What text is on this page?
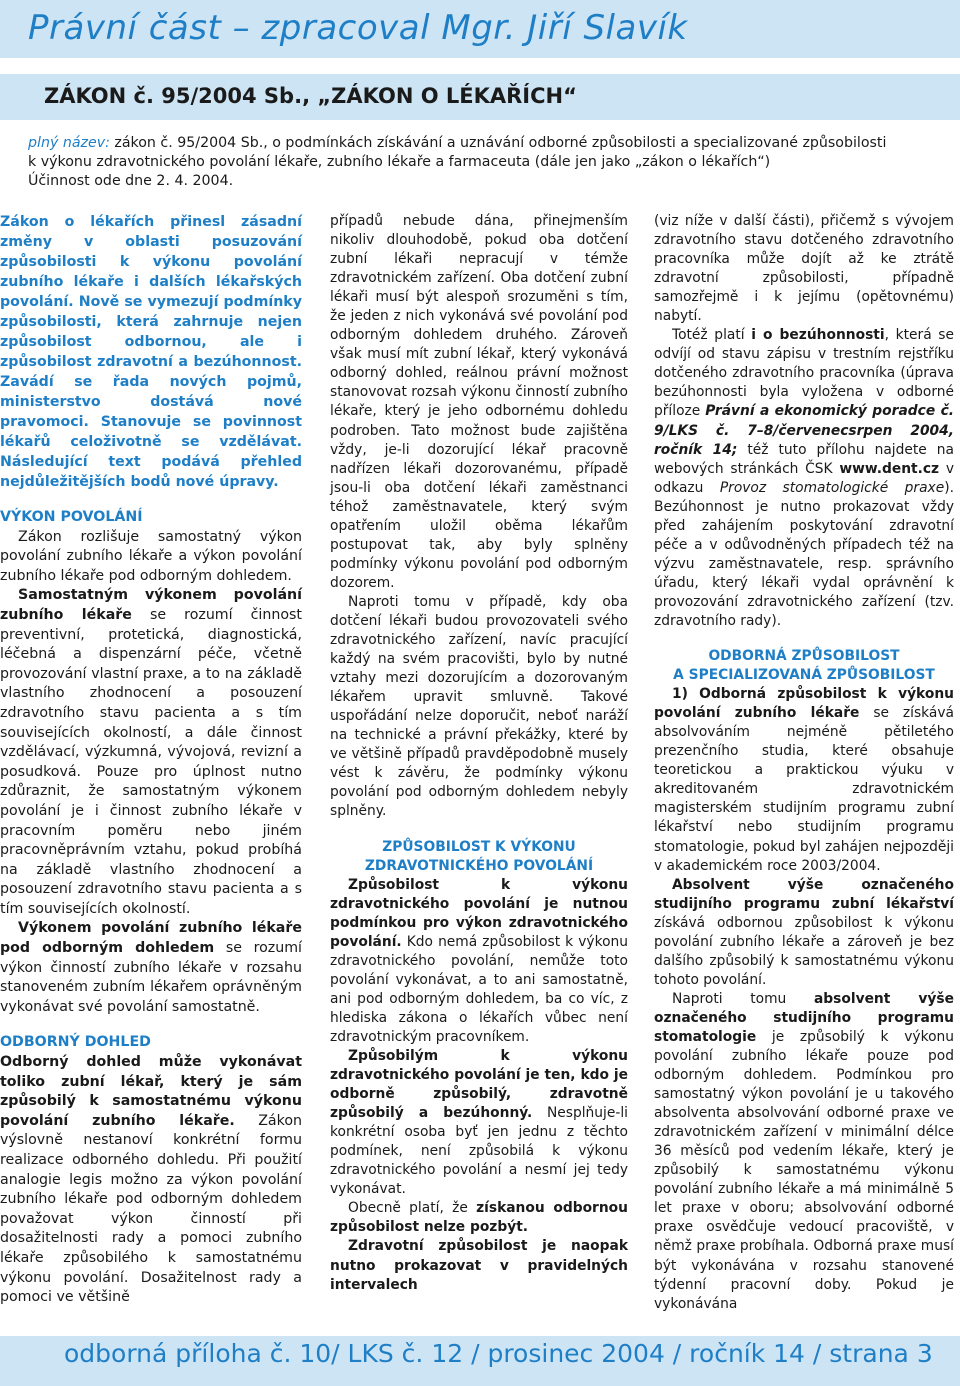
Právní část – zpracoval Mgr. Jiří Slavík
ZÁKON č. 95/2004 Sb., „ZÁKON O LÉKAŘÍCH“

plný název: zákon č. 95/2004 Sb., o podmínkách získávání a uznávání odborné způsobilosti a specializované způsobilosti

k výkonu zdravotnického povolání lékaře, zubního lékaře a farmaceuta (dále jen jako „zákon o lékařích“)

Účinnost ode dne 2. 4. 2004.

Zákon o lékařích přinesl zásadní změny v oblasti posuzování způsobilosti k výkonu povolání zubního lékaře i dalších lékařských povolání. Nově se vymezují podmínky způsobilosti, která zahrnuje nejen způsobilost odbornou, ale i způsobilost zdravotní a bezúhonnost. Zavádí se řada nových pojmů, ministerstvo dostává nové pravomoci. Stanovuje se povinnost lékařů celoživotně se vzdělávat. Následující text podává přehled nejdůležitějších bodů nové úpravy.

VÝKON POVOLÁNÍ

Zákon rozlišuje samostatný výkon povolání zubního lékaře a výkon povolání zubního lékaře pod odborným dohledem.

Samostatným výkonem povolání zubního lékaře se rozumí činnost preventivní, protetická, diagnostická, léčebná a dispenzární péče, včetně provozování vlastní praxe, a to na základě vlastního zhodnocení a posouzení zdravotního stavu pacienta a s tím souvisejících okolností, a dále činnost vzdělávací, výzkumná, vývojová, revizní a posudková. Pouze pro úplnost nutno zdůraznit, že samostatným výkonem povolání je i činnost zubního lékaře v pracovním poměru nebo jiném pracovněprávním vztahu, pokud probíhá na základě vlastního zhodnocení a posouzení zdravotního stavu pacienta a s tím souvisejících okolností.

Výkonem povolání zubního lékaře pod odborným dohledem se rozumí výkon činností zubního lékaře v rozsahu stanoveném zubním lékařem oprávněným vykonávat své povolání samostatně.

ODBORNÝ DOHLED

Odborný dohled může vykonávat toliko zubní lékař, který je sám způsobilý k samostatnému výkonu povolání zubního lékaře. Zákon výslovně nestanoví konkrétní formu realizace odborného dohledu. Při použití analogie legis možno za výkon povolání zubního lékaře pod odborným dohledem považovat výkon činností při dosažitelnosti rady a pomoci zubního lékaře způsobilého k samostatnému výkonu povolání. Dosažitelnost rady a pomoci ve většině

případů nebude dána, přinejmenším nikoliv dlouhodobě, pokud oba dotčení zubní lékaři nepracují v témže zdravotnickém zařízení. Oba dotčení zubní lékaři musí být alespoň srozuměni s tím, že jeden z nich vykonává své povolání pod odborným dohledem druhého. Zároveň však musí mít zubní lékař, který vykonává odborný dohled, reálnou právní možnost stanovovat rozsah výkonu činností zubního lékaře, který je jeho odbornému dohledu podroben. Tato možnost bude zajištěna vždy, je-li dozorující lékař pracovně nadřízen lékaři dozorovanému, případě jsou-li oba dotčení lékaři zaměstnanci téhož zaměstnavatele, který svým opatřením uložil oběma lékařům postupovat tak, aby byly splněny podmínky výkonu povolání pod odborným dozorem.

Naproti tomu v případě, kdy oba dotčení lékaři budou provozovateli svého zdravotnického zařízení, navíc pracující každý na svém pracovišti, bylo by nutné vztahy mezi dozorujícím a dozorovaným lékařem upravit smluvně. Takové uspořádání nelze doporučit, neboť naráží na technické a právní překážky, které by ve většině případů pravděpodobně musely vést k závěru, že podmínky výkonu povolání pod odborným dohledem nebyly splněny.

ZPŮSOBILOST K VÝKONU
ZDRAVOTNICKÉHO POVOLÁNÍ

Způsobilost k výkonu zdravotnického povolání je nutnou podmínkou pro výkon zdravotnického povolání. Kdo nemá způsobilost k výkonu zdravotnického povolání, nemůže toto povolání vykonávat, a to ani samostatně, ani pod odborným dohledem, ba co víc, z hlediska zákona o lékařích vůbec není zdravotnickým pracovníkem.

Způsobilým k výkonu zdravotnického povolání je ten, kdo je odborně způsobilý, zdravotně způsobilý a bezúhonný. Nesplňuje-li konkrétní osoba byť jen jednu z těchto podmínek, není způsobilá k výkonu zdravotnického povolání a nesmí jej tedy vykonávat.

Obecně platí, že získanou odbornou způsobilost nelze pozbýt.

Zdravotní způsobilost je naopak nutno prokazovat v pravidelných intervalech

(viz níže v další části), přičemž s vývojem zdravotního stavu dotčeného zdravotního pracovníka může dojít až ke ztrátě zdravotní způsobilosti, případně samozřejmě i k jejímu (opětovnému) nabytí.

Totéž platí i o bezúhonnosti, která se odvíjí od stavu zápisu v trestním rejstříku dotčeného zdravotního pracovníka (úprava bezúhonnosti byla vyložena v odborné příloze Právní a ekonomický poradce č. 9/LKS č. 7–8/červenecsrpen 2004, ročník 14; též tuto přílohu najdete na webových stránkách ČSK www.dent.cz v odkazu Provoz stomatologické praxe). Bezúhonnost je nutno prokazovat vždy před zahájením poskytování zdravotní péče a v odůvodněných případech též na výzvu zaměstnavatele, resp. správního úřadu, který lékaři vydal oprávnění k provozování zdravotnického zařízení (tzv. zdravotního rady).

ODBORNÁ ZPŮSOBILOST
A SPECIALIZOVANÁ ZPŮSOBILOST

1) Odborná způsobilost k výkonu povolání zubního lékaře se získává absolvováním nejméně pětiletého prezenčního studia, které obsahuje teoretickou a praktickou výuku v akreditovaném zdravotnickém magisterském studijním programu zubní lékařství nebo studijním programu stomatologie, pokud byl zahájen nejpozději v akademickém roce 2003/2004.

Absolvent výše označeného studijního programu zubní lékařství získává odbornou způsobilost k výkonu povolání zubního lékaře a zároveň je bez dalšího způsobilý k samostatnému výkonu tohoto povolání.

Naproti tomu absolvent výše označeného studijního programu stomatologie je způsobilý k výkonu povolání zubního lékaře pouze pod odborným dohledem. Podmínkou pro samostatný výkon povolání je u takového absolventa absolvování odborné praxe ve zdravotnickém zařízení v minimální délce 36 měsíců pod vedením lékaře, který je způsobilý k samostatnému výkonu povolání zubního lékaře a má minimálně 5 let praxe v oboru; absolvování odborné praxe osvědčuje vedoucí pracoviště, v němž praxe probíhala. Odborná praxe musí být vykonávána v rozsahu stanovené týdenní pracovní doby. Pokud je vykonávána

odborná příloha č. 10/ LKS č. 12 / prosinec 2004 / ročník 14 / strana 3
